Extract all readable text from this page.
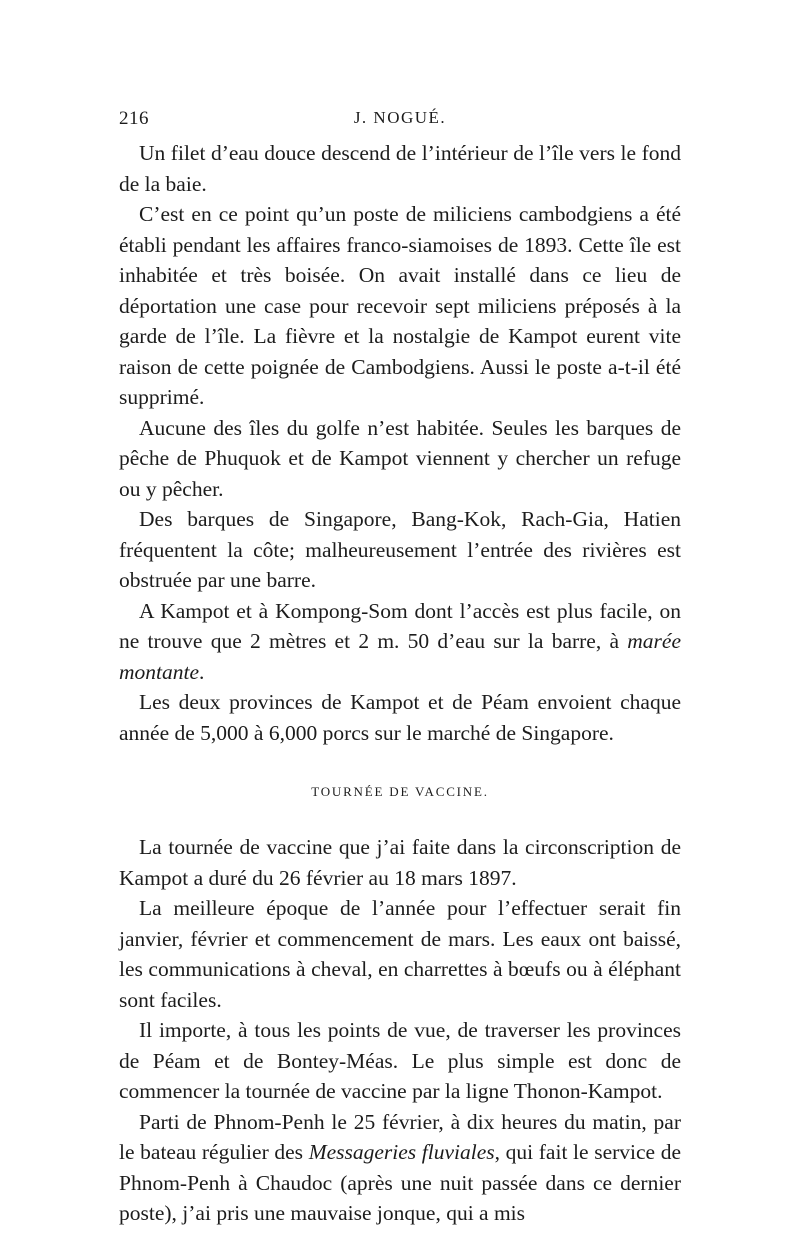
216	J. NOGUÉ.

Un filet d’eau douce descend de l’intérieur de l’île vers le fond de la baie.

C’est en ce point qu’un poste de miliciens cambodgiens a été établi pendant les affaires franco-siamoises de 1893. Cette île est inhabitée et très boisée. On avait installé dans ce lieu de déportation une case pour recevoir sept miliciens préposés à la garde de l’île. La fièvre et la nostalgie de Kampot eurent vite raison de cette poignée de Cambodgiens. Aussi le poste a-t-il été supprimé.

Aucune des îles du golfe n’est habitée. Seules les barques de pêche de Phuquok et de Kampot viennent y chercher un refuge ou y pêcher.

Des barques de Singapore, Bang-Kok, Rach-Gia, Hatien fréquentent la côte; malheureusement l’entrée des rivières est obstruée par une barre.

A Kampot et à Kompong-Som dont l’accès est plus facile, on ne trouve que 2 mètres et 2 m. 50 d’eau sur la barre, à marée montante.

Les deux provinces de Kampot et de Péam envoient chaque année de 5,000 à 6,000 porcs sur le marché de Singapore.

TOURNÉE DE VACCINE.

La tournée de vaccine que j’ai faite dans la circonscription de Kampot a duré du 26 février au 18 mars 1897.

La meilleure époque de l’année pour l’effectuer serait fin janvier, février et commencement de mars. Les eaux ont baissé, les communications à cheval, en charrettes à bœufs ou à éléphant sont faciles.

Il importe, à tous les points de vue, de traverser les provinces de Péam et de Bontey-Méas. Le plus simple est donc de commencer la tournée de vaccine par la ligne Thonon-Kampot.

Parti de Phnom-Penh le 25 février, à dix heures du matin, par le bateau régulier des Messageries fluviales, qui fait le service de Phnom-Penh à Chaudoc (après une nuit passée dans ce dernier poste), j’ai pris une mauvaise jonque, qui a mis
